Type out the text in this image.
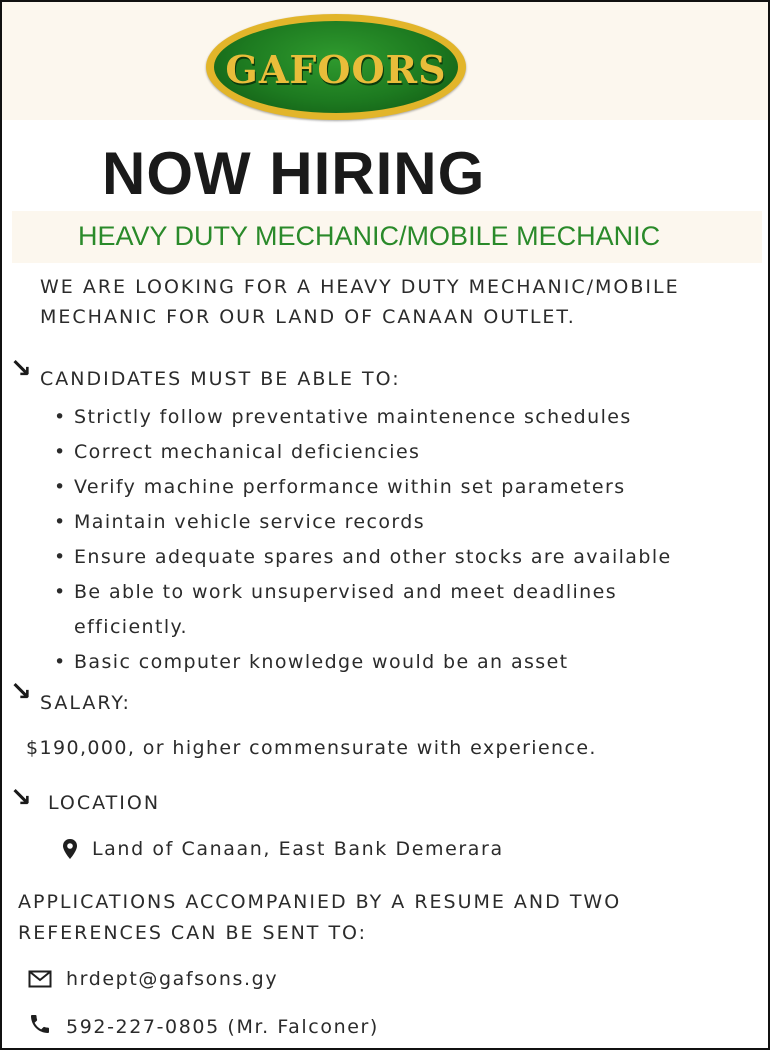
GAFOORS
NOW HIRING
HEAVY DUTY MECHANIC/MOBILE MECHANIC
WE ARE LOOKING FOR A HEAVY DUTY MECHANIC/MOBILE MECHANIC FOR OUR LAND OF CANAAN OUTLET.
↘ CANDIDATES MUST BE ABLE TO:
• Strictly follow preventative maintenence schedules
• Correct mechanical deficiencies
• Verify machine performance within set parameters
• Maintain vehicle service records
• Ensure adequate spares and other stocks are available
• Be able to work unsupervised and meet deadlines efficiently.
• Basic computer knowledge would be an asset
↘ SALARY:
$190,000, or higher commensurate with experience.
↘ LOCATION
Land of Canaan, East Bank Demerara
APPLICATIONS ACCOMPANIED BY A RESUME AND TWO REFERENCES CAN BE SENT TO:
hrdept@gafsons.gy
592-227-0805 (Mr. Falconer)
